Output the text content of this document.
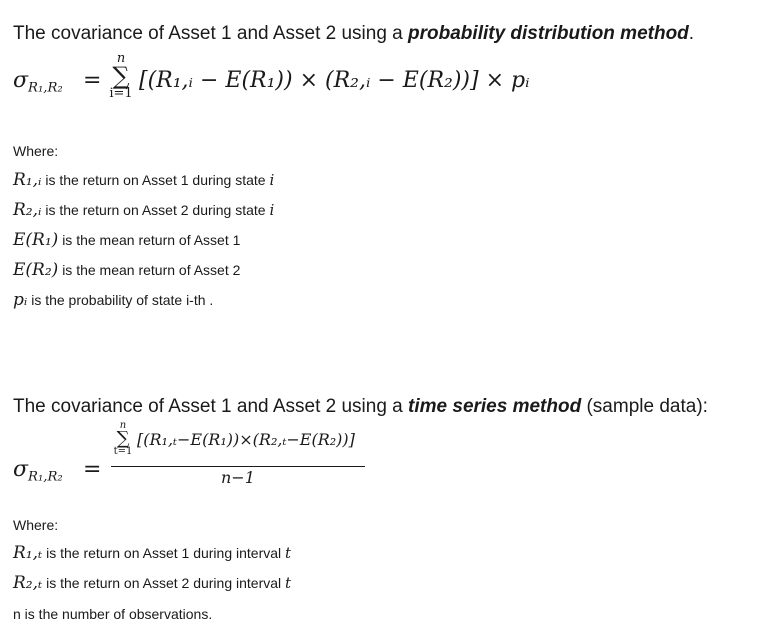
The covariance of Asset 1 and Asset 2 using a probability distribution method.
$\sigma_{R_1,R_2}$ =
n
∑
i=1
[(R₁,ᵢ − E(R₁)) × (R₂,ᵢ − E(R₂))] × pᵢ
Where:
R₁,ᵢ is the return on Asset 1 during state i
R₂,ᵢ is the return on Asset 2 during state i
E(R₁) is the mean return of Asset 1
E(R₂) is the mean return of Asset 2
pᵢ is the probability of state i-th .
The covariance of Asset 1 and Asset 2 using a time series method (sample data):
$\sigma_{R_1,R_2}$ =
n
∑
t=1
[(R₁,ₜ−E(R₁))×(R₂,ₜ−E(R₂))]
n−1
Where:
R₁,ₜ is the return on Asset 1 during interval t
R₂,ₜ is the return on Asset 2 during interval t
n is the number of observations.
